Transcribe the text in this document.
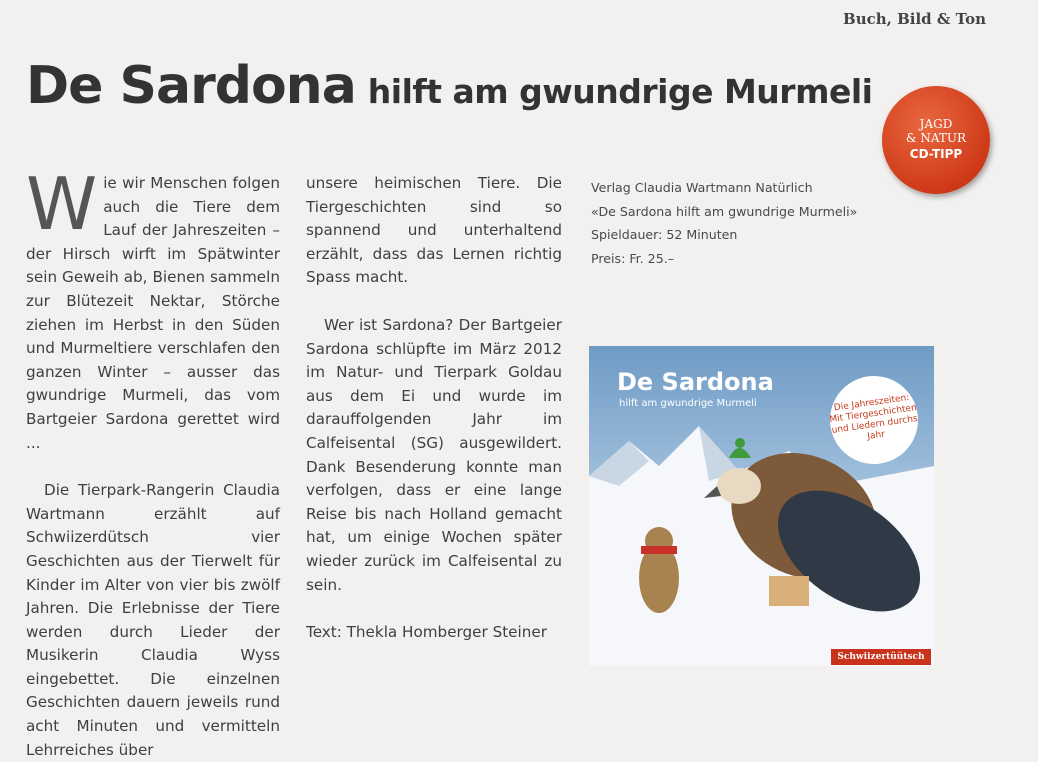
Buch, Bild & Ton
De Sardona hilft am gwundrige Murmeli
JAGD
& NATUR
CD-TIPP

Wie wir Menschen folgen auch die Tiere dem Lauf der Jahreszeiten – der Hirsch wirft im Spätwinter sein Geweih ab, Bienen sammeln zur Blütezeit Nektar, Störche ziehen im Herbst in den Süden und Murmeltiere verschlafen den ganzen Winter – ausser das gwundrige Murmeli, das vom Bartgeier Sardona gerettet wird ...

Die Tierpark-Rangerin Claudia Wartmann erzählt auf Schwiizerdütsch vier Geschichten aus der Tierwelt für Kinder im Alter von vier bis zwölf Jahren. Die Erlebnisse der Tiere werden durch Lieder der Musikerin Claudia Wyss eingebettet. Die einzelnen Geschichten dauern jeweils rund acht Minuten und vermitteln Lehrreiches über

unsere heimischen Tiere. Die Tiergeschichten sind so spannend und unterhaltend erzählt, dass das Lernen richtig Spass macht.

Wer ist Sardona? Der Bartgeier Sardona schlüpfte im März 2012 im Natur- und Tierpark Goldau aus dem Ei und wurde im darauffolgenden Jahr im Calfeisental (SG) ausgewildert. Dank Besenderung konnte man verfolgen, dass er eine lange Reise bis nach Holland gemacht hat, um einige Wochen später wieder zurück im Calfeisental zu sein.

Text: Thekla Homberger Steiner

Verlag Claudia Wartmann Natürlich
«De Sardona hilft am gwundrige Murmeli»
Spieldauer: 52 Minuten
Preis: Fr. 25.–
De Sardona
hilft am gwundrige Murmeli	Die Jahreszeiten: Mit Tiergeschichten und Liedern durchs Jahr
Schwiizertüütsch
